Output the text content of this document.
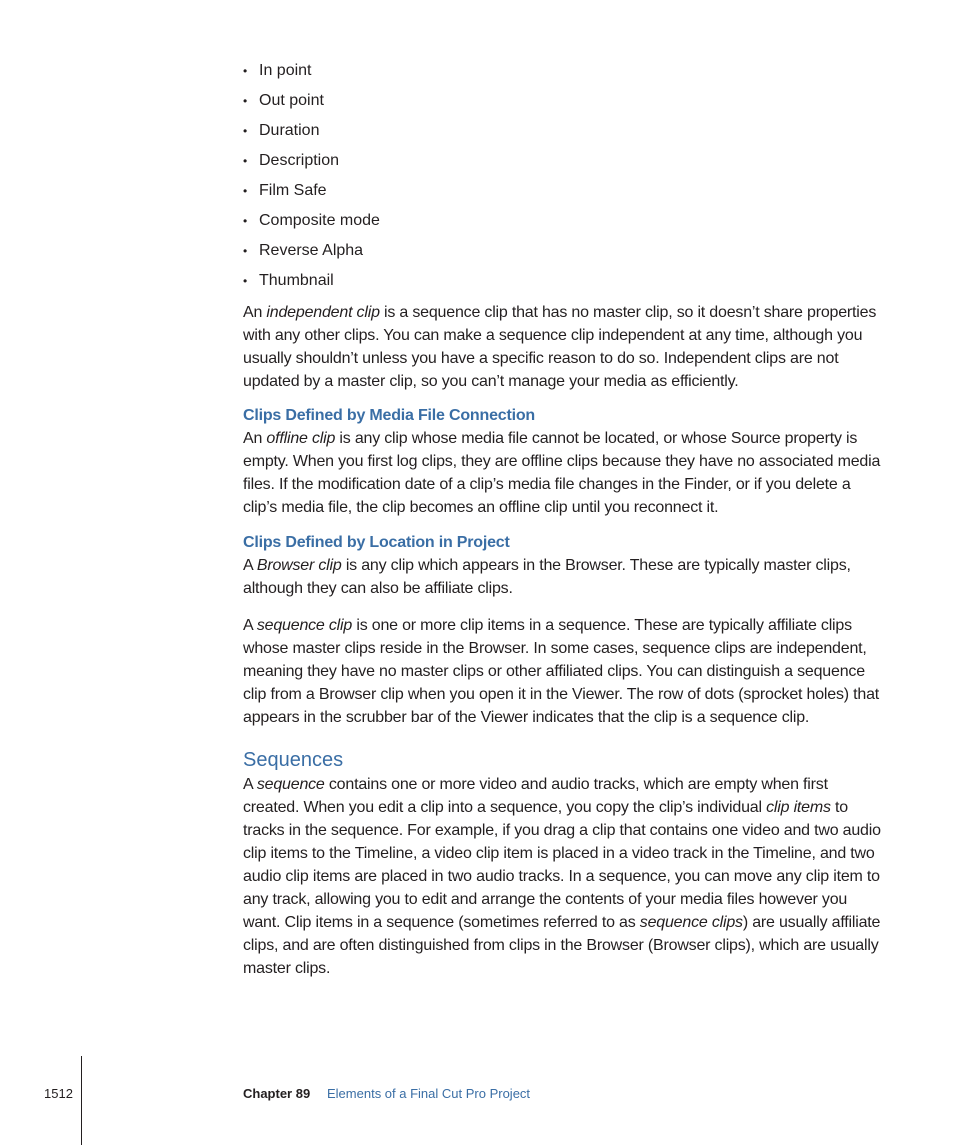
• In point
• Out point
• Duration
• Description
• Film Safe
• Composite mode
• Reverse Alpha
• Thumbnail

An independent clip is a sequence clip that has no master clip, so it doesn’t share properties with any other clips. You can make a sequence clip independent at any time, although you usually shouldn’t unless you have a specific reason to do so. Independent clips are not updated by a master clip, so you can’t manage your media as efficiently.

Clips Defined by Media File Connection

An offline clip is any clip whose media file cannot be located, or whose Source property is empty. When you first log clips, they are offline clips because they have no associated media files. If the modification date of a clip’s media file changes in the Finder, or if you delete a clip’s media file, the clip becomes an offline clip until you reconnect it.

Clips Defined by Location in Project

A Browser clip is any clip which appears in the Browser. These are typically master clips, although they can also be affiliate clips.

A sequence clip is one or more clip items in a sequence. These are typically affiliate clips whose master clips reside in the Browser. In some cases, sequence clips are independent, meaning they have no master clips or other affiliated clips. You can distinguish a sequence clip from a Browser clip when you open it in the Viewer. The row of dots (sprocket holes) that appears in the scrubber bar of the Viewer indicates that the clip is a sequence clip.

Sequences

A sequence contains one or more video and audio tracks, which are empty when first created. When you edit a clip into a sequence, you copy the clip’s individual clip items to tracks in the sequence. For example, if you drag a clip that contains one video and two audio clip items to the Timeline, a video clip item is placed in a video track in the Timeline, and two audio clip items are placed in two audio tracks. In a sequence, you can move any clip item to any track, allowing you to edit and arrange the contents of your media files however you want. Clip items in a sequence (sometimes referred to as sequence clips) are usually affiliate clips, and are often distinguished from clips in the Browser (Browser clips), which are usually master clips.

1512	Chapter 89 Elements of a Final Cut Pro Project
